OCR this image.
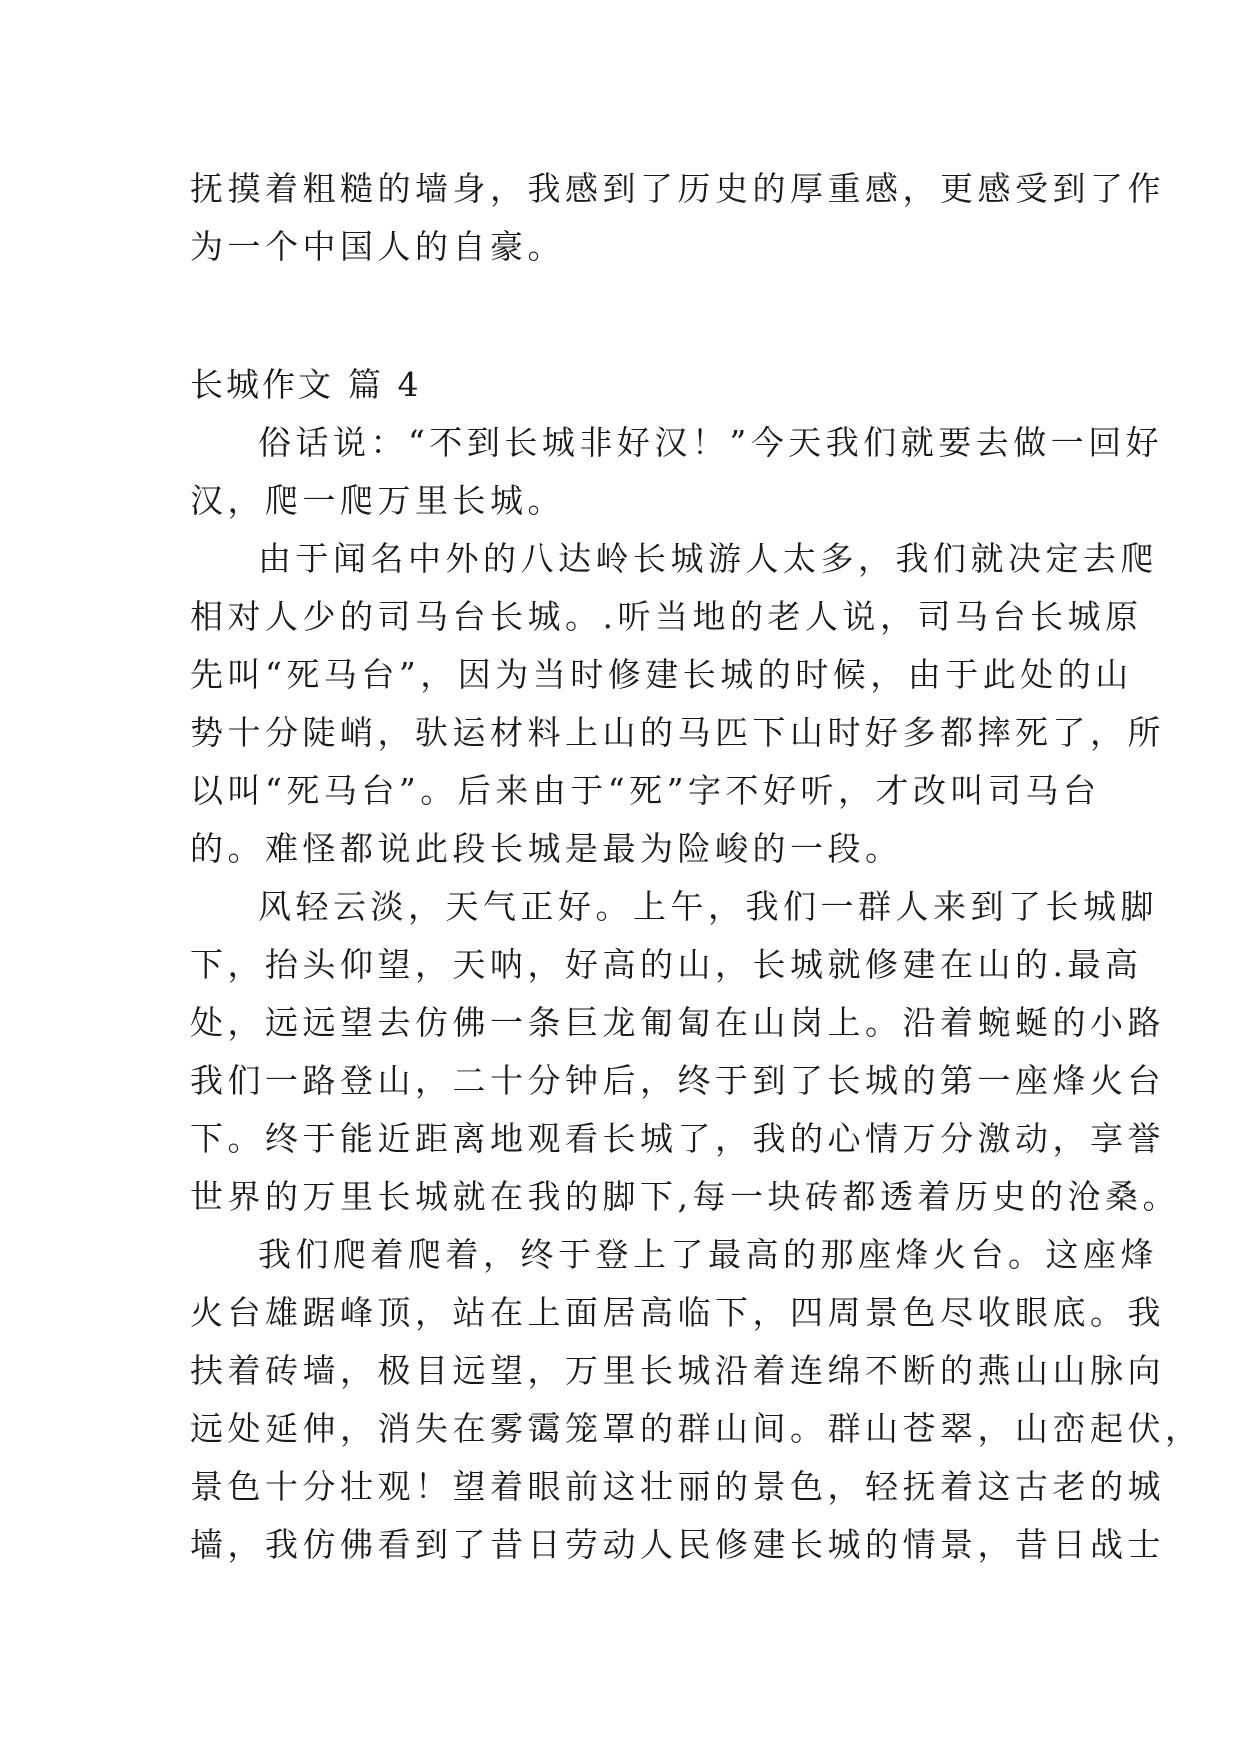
抚摸着粗糙的墙身，我感到了历史的厚重感，更感受到了作
为一个中国人的自豪。
长城作文 篇 4
俗话说：“不到长城非好汉！”今天我们就要去做一回好
汉，爬一爬万里长城。
由于闻名中外的八达岭长城游人太多，我们就决定去爬
相对人少的司马台长城。.听当地的老人说，司马台长城原
先叫“死马台”，因为当时修建长城的时候，由于此处的山
势十分陡峭，驮运材料上山的马匹下山时好多都摔死了，所
以叫“死马台”。后来由于“死”字不好听，才改叫司马台
的。难怪都说此段长城是最为险峻的一段。
风轻云淡，天气正好。上午，我们一群人来到了长城脚
下，抬头仰望，天呐，好高的山，长城就修建在山的.最高
处，远远望去仿佛一条巨龙匍匐在山岗上。沿着蜿蜒的小路
我们一路登山，二十分钟后，终于到了长城的第一座烽火台
下。终于能近距离地观看长城了，我的心情万分激动，享誉
世界的万里长城就在我的脚下,每一块砖都透着历史的沧桑。
我们爬着爬着，终于登上了最高的那座烽火台。这座烽
火台雄踞峰顶，站在上面居高临下，四周景色尽收眼底。我
扶着砖墙，极目远望，万里长城沿着连绵不断的燕山山脉向
远处延伸，消失在雾霭笼罩的群山间。群山苍翠，山峦起伏，
景色十分壮观！望着眼前这壮丽的景色，轻抚着这古老的城
墙，我仿佛看到了昔日劳动人民修建长城的情景，昔日战士
